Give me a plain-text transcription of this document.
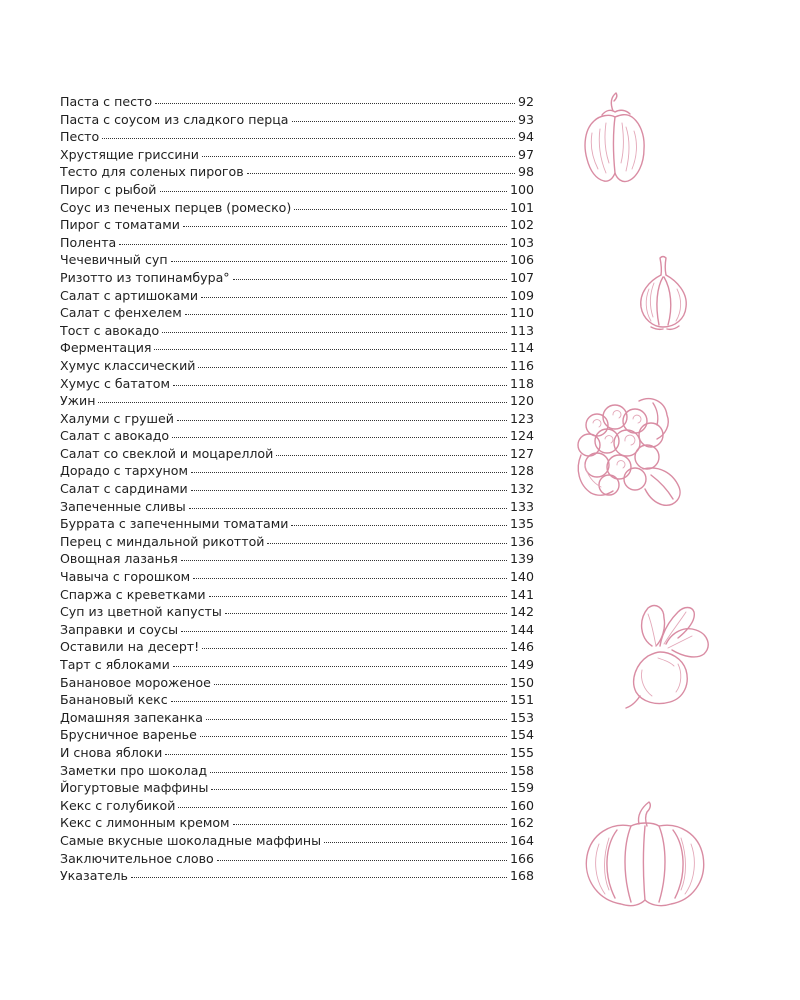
Паста с песто	92
Паста с соусом из сладкого перца	93
Песто	94
Хрустящие гриссини	97
Тесто для соленых пирогов	98
Пирог с рыбой	100
Соус из печеных перцев (ромеско)	101
Пирог с томатами	102
Полента	103
Чечевичный суп	106
Ризотто из топинамбура°	107
Салат с артишоками	109
Салат с фенхелем	110
Тост с авокадо	113
Ферментация	114
Хумус классический	116
Хумус с бататом	118
Ужин	120
Халуми с грушей	123
Салат с авокадо	124
Салат со свеклой и моцареллой	127
Дорадо с тархуном	128
Салат с сардинами	132
Запеченные сливы	133
Буррата с запеченными томатами	135
Перец с миндальной рикоттой	136
Овощная лазанья	139
Чавыча с горошком	140
Спаржа с креветками	141
Суп из цветной капусты	142
Заправки и соусы	144
Оставили на десерт!	146
Тарт с яблоками	149
Банановое мороженое	150
Банановый кекс	151
Домашняя запеканка	153
Брусничное варенье	154
И снова яблоки	155
Заметки про шоколад	158
Йогуртовые маффины	159
Кекс с голубикой	160
Кекс с лимонным кремом	162
Самые вкусные шоколадные маффины	164
Заключительное слово	166
Указатель	168
